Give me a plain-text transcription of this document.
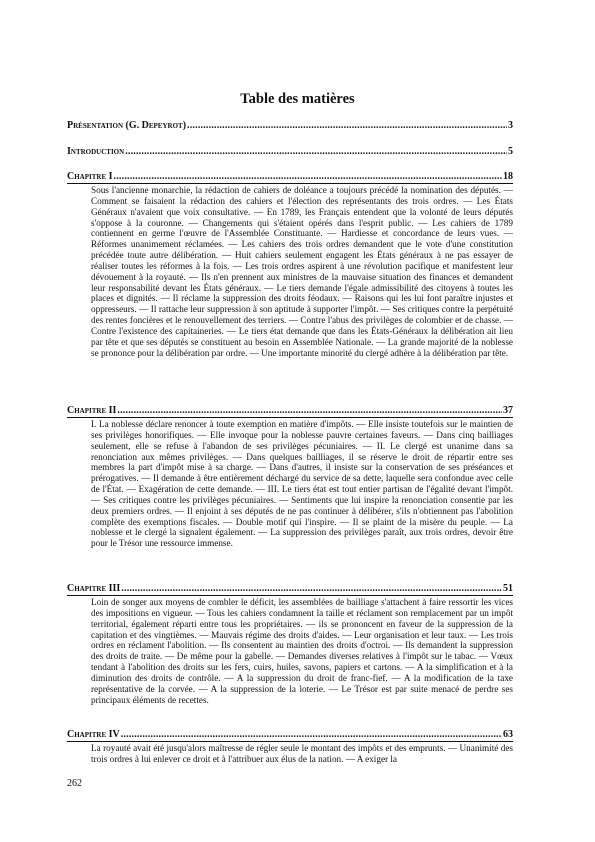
Table des matières
Présentation (G. Depeyrot) .....	3
Introduction .....	5
Chapitre I .....	18
Sous l'ancienne monarchie, la rédaction de cahiers de doléance a toujours précédé la nomination des députés. — Comment se faisaient la rédaction des cahiers et l'élection des représentants des trois ordres. — Les États Généraux n'avaient que voix consultative. — En 1789, les Français entendent que la volonté de leurs députés s'oppose à la couronne. — Changements qui s'étaient opérés dans l'esprit public. — Les cahiers de 1789 contiennent en germe l'œuvre de l'Assemblée Constituante. — Hardiesse et concordance de leurs vues. — Réformes unanimement réclamées. — Les cahiers des trois ordres demandent que le vote d'une constitution précédée toute autre délibération. — Huit cahiers seulement engagent les États généraux à ne pas essayer de réaliser toutes les réformes à la fois. — Les trois ordres aspirent à une révolution pacifique et manifestent leur dévouement à la royauté. — Ils n'en prennent aux ministres de la mauvaise situation des finances et demandent leur responsabilité devant les États généraux. — Le tiers demande l'égale admissibilité des citoyens à toutes les places et dignités. — Il réclame la suppression des droits féodaux. — Raisons qui les lui font paraître injustes et oppresseurs. — Il rattache leur suppression à son aptitude à supporter l'impôt. — Ses critiques contre la perpétuité des rentes foncières et le renouvellement des terriers. — Contre l'abus des privilèges de colombier et de chasse. — Contre l'existence des capitaineries. — Le tiers état demande que dans les États-Généraux la délibération ait lieu par tête et que ses députés se constituent au besoin en Assemblée Nationale. — La grande majorité de la noblesse se prononce pour la délibération par ordre. — Une importante minorité du clergé adhère à la délibération par tête.
Chapitre II .....	37
I. La noblesse déclare renoncer à toute exemption en matière d'impôts. — Elle insiste toutefois sur le maintien de ses privilèges honorifiques. — Elle invoque pour la noblesse pauvre certaines faveurs. — Dans cinq bailliages seulement, elle se refuse à l'abandon de ses privilèges pécuniaires. — II. Le clergé est unanime dans sa renonciation aux mêmes privilèges. — Dans quelques bailliages, il se réserve le droit de répartir entre ses membres la part d'impôt mise à sa charge. — Dans d'autres, il insiste sur la conservation de ses préséances et prérogatives. — Il demande à être entièrement déchargé du service de sa dette, laquelle sera confondue avec celle de l'État. — Exagération de cette demande. — III. Le tiers état est tout entier partisan de l'égalité devant l'impôt. — Ses critiques contre les privilèges pécuniaires. — Sentiments que lui inspire la renonciation consentie par les deux premiers ordres. — Il enjoint à ses députés de ne pas continuer à délibérer, s'ils n'obtiennent pas l'abolition complète des exemptions fiscales. — Double motif qui l'inspire. — Il se plaint de la misère du peuple. — La noblesse et le clergé la signalent également. — La suppression des privilèges paraît, aux trois ordres, devoir être pour le Trésor une ressource immense.
Chapitre III .....	51
Loin de songer aux moyens de combler le déficit, les assemblées de bailliage s'attachent à faire ressortir les vices des impositions en vigueur. — Tous les cahiers condamnent la taille et réclament son remplacement par un impôt territorial, également réparti entre tous les propriétaires. — ils se prononcent en faveur de la suppression de la capitation et des vingtièmes. — Mauvais régime des droits d'aides. — Leur organisation et leur taux. — Les trois ordres en réclament l'abolition. — Ils consentent au maintien des droits d'octroi. — Ils demandent la suppression des droits de traite. — De même pour la gabelle. — Demandes diverses relatives à l'impôt sur le tabac. — Vœux tendant à l'abolition des droits sur les fers, cuirs, huiles, savons, papiers et cartons. — A la simplification et à la diminution des droits de contrôle. — A la suppression du droit de franc-fief. — A la modification de la taxe représentative de la corvée. — A la suppression de la loterie. — Le Trésor est par suite menacé de perdre ses principaux éléments de recettes.
Chapitre IV .....	63
La royauté avait été jusqu'alors maîtresse de régler seule le montant des impôts et des emprunts. — Unanimité des trois ordres à lui enlever ce droit et à l'attribuer aux élus de la nation. — A exiger la
262
